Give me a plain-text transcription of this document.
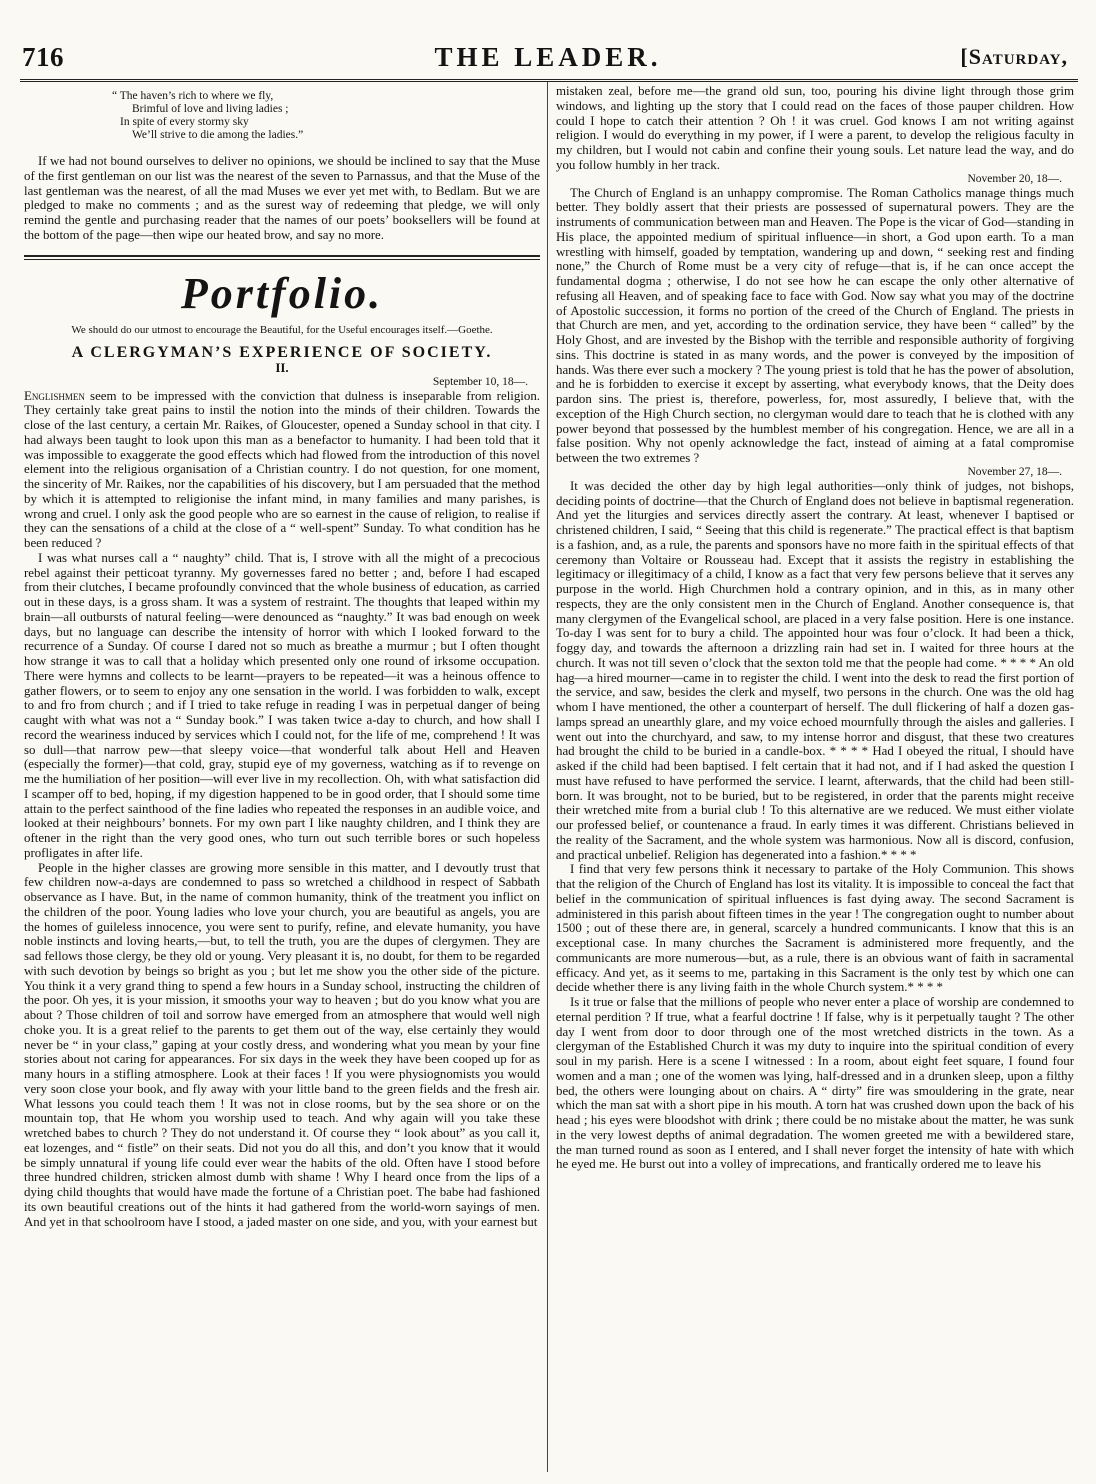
716	THE LEADER.	[Saturday,
“ The haven’s rich to where we fly,
Brimful of love and living ladies ;
In spite of every stormy sky
We’ll strive to die among the ladies.”

If we had not bound ourselves to deliver no opinions, we should be inclined to say that the Muse of the first gentleman on our list was the nearest of the seven to Parnassus, and that the Muse of the last gentleman was the nearest, of all the mad Muses we ever yet met with, to Bedlam. But we are pledged to make no comments ; and as the surest way of redeeming that pledge, we will only remind the gentle and purchasing reader that the names of our poets’ booksellers will be found at the bottom of the page—then wipe our heated brow, and say no more.

Portfolio.
We should do our utmost to encourage the Beautiful, for the Useful encourages itself.—Goethe.
A CLERGYMAN’S EXPERIENCE OF SOCIETY.
II.
September 10, 18—.

Englishmen seem to be impressed with the conviction that dulness is inseparable from religion. They certainly take great pains to instil the notion into the minds of their children. Towards the close of the last century, a certain Mr. Raikes, of Gloucester, opened a Sunday school in that city. I had always been taught to look upon this man as a benefactor to humanity. I had been told that it was impossible to exaggerate the good effects which had flowed from the introduction of this novel element into the religious organisation of a Christian country. I do not question, for one moment, the sincerity of Mr. Raikes, nor the capabilities of his discovery, but I am persuaded that the method by which it is attempted to religionise the infant mind, in many families and many parishes, is wrong and cruel. I only ask the good people who are so earnest in the cause of religion, to realise if they can the sensations of a child at the close of a “ well-spent” Sunday. To what condition has he been reduced ?

I was what nurses call a “ naughty” child. That is, I strove with all the might of a precocious rebel against their petticoat tyranny. My governesses fared no better ; and, before I had escaped from their clutches, I became profoundly convinced that the whole business of education, as carried out in these days, is a gross sham. It was a system of restraint. The thoughts that leaped within my brain—all outbursts of natural feeling—were denounced as “naughty.” It was bad enough on week days, but no language can describe the intensity of horror with which I looked forward to the recurrence of a Sunday. Of course I dared not so much as breathe a murmur ; but I often thought how strange it was to call that a holiday which presented only one round of irksome occupation. There were hymns and collects to be learnt—prayers to be repeated—it was a heinous offence to gather flowers, or to seem to enjoy any one sensation in the world. I was forbidden to walk, except to and fro from church ; and if I tried to take refuge in reading I was in perpetual danger of being caught with what was not a “ Sunday book.” I was taken twice a-day to church, and how shall I record the weariness induced by services which I could not, for the life of me, comprehend ! It was so dull—that narrow pew—that sleepy voice—that wonderful talk about Hell and Heaven (especially the former)—that cold, gray, stupid eye of my governess, watching as if to revenge on me the humiliation of her position—will ever live in my recollection. Oh, with what satisfaction did I scamper off to bed, hoping, if my digestion happened to be in good order, that I should some time attain to the perfect sainthood of the fine ladies who repeated the responses in an audible voice, and looked at their neighbours’ bonnets. For my own part I like naughty children, and I think they are oftener in the right than the very good ones, who turn out such terrible bores or such hopeless profligates in after life.

People in the higher classes are growing more sensible in this matter, and I devoutly trust that few children now-a-days are condemned to pass so wretched a childhood in respect of Sabbath observance as I have. But, in the name of common humanity, think of the treatment you inflict on the children of the poor. Young ladies who love your church, you are beautiful as angels, you are the homes of guileless innocence, you were sent to purify, refine, and elevate humanity, you have noble instincts and loving hearts,—but, to tell the truth, you are the dupes of clergymen. They are sad fellows those clergy, be they old or young. Very pleasant it is, no doubt, for them to be regarded with such devotion by beings so bright as you ; but let me show you the other side of the picture. You think it a very grand thing to spend a few hours in a Sunday school, instructing the children of the poor. Oh yes, it is your mission, it smooths your way to heaven ; but do you know what you are about ? Those children of toil and sorrow have emerged from an atmosphere that would well nigh choke you. It is a great relief to the parents to get them out of the way, else certainly they would never be “ in your class,” gaping at your costly dress, and wondering what you mean by your fine stories about not caring for appearances. For six days in the week they have been cooped up for as many hours in a stifling atmosphere. Look at their faces ! If you were physiognomists you would very soon close your book, and fly away with your little band to the green fields and the fresh air. What lessons you could teach them ! It was not in close rooms, but by the sea shore or on the mountain top, that He whom you worship used to teach. And why again will you take these wretched babes to church ? They do not understand it. Of course they “ look about” as you call it, eat lozenges, and “ fistle” on their seats. Did not you do all this, and don’t you know that it would be simply unnatural if young life could ever wear the habits of the old. Often have I stood before three hundred children, stricken almost dumb with shame ! Why I heard once from the lips of a dying child thoughts that would have made the fortune of a Christian poet. The babe had fashioned its own beautiful creations out of the hints it had gathered from the world-worn sayings of men. And yet in that schoolroom have I stood, a jaded master on one side, and you, with your earnest but

mistaken zeal, before me—the grand old sun, too, pouring his divine light through those grim windows, and lighting up the story that I could read on the faces of those pauper children. How could I hope to catch their attention ? Oh ! it was cruel. God knows I am not writing against religion. I would do everything in my power, if I were a parent, to develop the religious faculty in my children, but I would not cabin and confine their young souls. Let nature lead the way, and do you follow humbly in her track.

November 20, 18—.

The Church of England is an unhappy compromise. The Roman Catholics manage things much better. They boldly assert that their priests are possessed of supernatural powers. They are the instruments of communication between man and Heaven. The Pope is the vicar of God—standing in His place, the appointed medium of spiritual influence—in short, a God upon earth. To a man wrestling with himself, goaded by temptation, wandering up and down, “ seeking rest and finding none,” the Church of Rome must be a very city of refuge—that is, if he can once accept the fundamental dogma ; otherwise, I do not see how he can escape the only other alternative of refusing all Heaven, and of speaking face to face with God. Now say what you may of the doctrine of Apostolic succession, it forms no portion of the creed of the Church of England. The priests in that Church are men, and yet, according to the ordination service, they have been “ called” by the Holy Ghost, and are invested by the Bishop with the terrible and responsible authority of forgiving sins. This doctrine is stated in as many words, and the power is conveyed by the imposition of hands. Was there ever such a mockery ? The young priest is told that he has the power of absolution, and he is forbidden to exercise it except by asserting, what everybody knows, that the Deity does pardon sins. The priest is, therefore, powerless, for, most assuredly, I believe that, with the exception of the High Church section, no clergyman would dare to teach that he is clothed with any power beyond that possessed by the humblest member of his congregation. Hence, we are all in a false position. Why not openly acknowledge the fact, instead of aiming at a fatal compromise between the two extremes ?

November 27, 18—.

It was decided the other day by high legal authorities—only think of judges, not bishops, deciding points of doctrine—that the Church of England does not believe in baptismal regeneration. And yet the liturgies and services directly assert the contrary. At least, whenever I baptised or christened children, I said, “ Seeing that this child is regenerate.” The practical effect is that baptism is a fashion, and, as a rule, the parents and sponsors have no more faith in the spiritual effects of that ceremony than Voltaire or Rousseau had. Except that it assists the registry in establishing the legitimacy or illegitimacy of a child, I know as a fact that very few persons believe that it serves any purpose in the world. High Churchmen hold a contrary opinion, and in this, as in many other respects, they are the only consistent men in the Church of England. Another consequence is, that many clergymen of the Evangelical school, are placed in a very false position. Here is one instance. To-day I was sent for to bury a child. The appointed hour was four o’clock. It had been a thick, foggy day, and towards the afternoon a drizzling rain had set in. I waited for three hours at the church. It was not till seven o’clock that the sexton told me that the people had come. * * * * An old hag—a hired mourner—came in to register the child. I went into the desk to read the first portion of the service, and saw, besides the clerk and myself, two persons in the church. One was the old hag whom I have mentioned, the other a counterpart of herself. The dull flickering of half a dozen gas-lamps spread an unearthly glare, and my voice echoed mournfully through the aisles and galleries. I went out into the churchyard, and saw, to my intense horror and disgust, that these two creatures had brought the child to be buried in a candle-box. * * * * Had I obeyed the ritual, I should have asked if the child had been baptised. I felt certain that it had not, and if I had asked the question I must have refused to have performed the service. I learnt, afterwards, that the child had been still-born. It was brought, not to be buried, but to be registered, in order that the parents might receive their wretched mite from a burial club ! To this alternative are we reduced. We must either violate our professed belief, or countenance a fraud. In early times it was different. Christians believed in the reality of the Sacrament, and the whole system was harmonious. Now all is discord, confusion, and practical unbelief. Religion has degenerated into a fashion.* * * *

I find that very few persons think it necessary to partake of the Holy Communion. This shows that the religion of the Church of England has lost its vitality. It is impossible to conceal the fact that belief in the communication of spiritual influences is fast dying away. The second Sacrament is administered in this parish about fifteen times in the year ! The congregation ought to number about 1500 ; out of these there are, in general, scarcely a hundred communicants. I know that this is an exceptional case. In many churches the Sacrament is administered more frequently, and the communicants are more numerous—but, as a rule, there is an obvious want of faith in sacramental efficacy. And yet, as it seems to me, partaking in this Sacrament is the only test by which one can decide whether there is any living faith in the whole Church system.* * * *

Is it true or false that the millions of people who never enter a place of worship are condemned to eternal perdition ? If true, what a fearful doctrine ! If false, why is it perpetually taught ? The other day I went from door to door through one of the most wretched districts in the town. As a clergyman of the Established Church it was my duty to inquire into the spiritual condition of every soul in my parish. Here is a scene I witnessed : In a room, about eight feet square, I found four women and a man ; one of the women was lying, half-dressed and in a drunken sleep, upon a filthy bed, the others were lounging about on chairs. A “ dirty” fire was smouldering in the grate, near which the man sat with a short pipe in his mouth. A torn hat was crushed down upon the back of his head ; his eyes were bloodshot with drink ; there could be no mistake about the matter, he was sunk in the very lowest depths of animal degradation. The women greeted me with a bewildered stare, the man turned round as soon as I entered, and I shall never forget the intensity of hate with which he eyed me. He burst out into a volley of imprecations, and frantically ordered me to leave his
